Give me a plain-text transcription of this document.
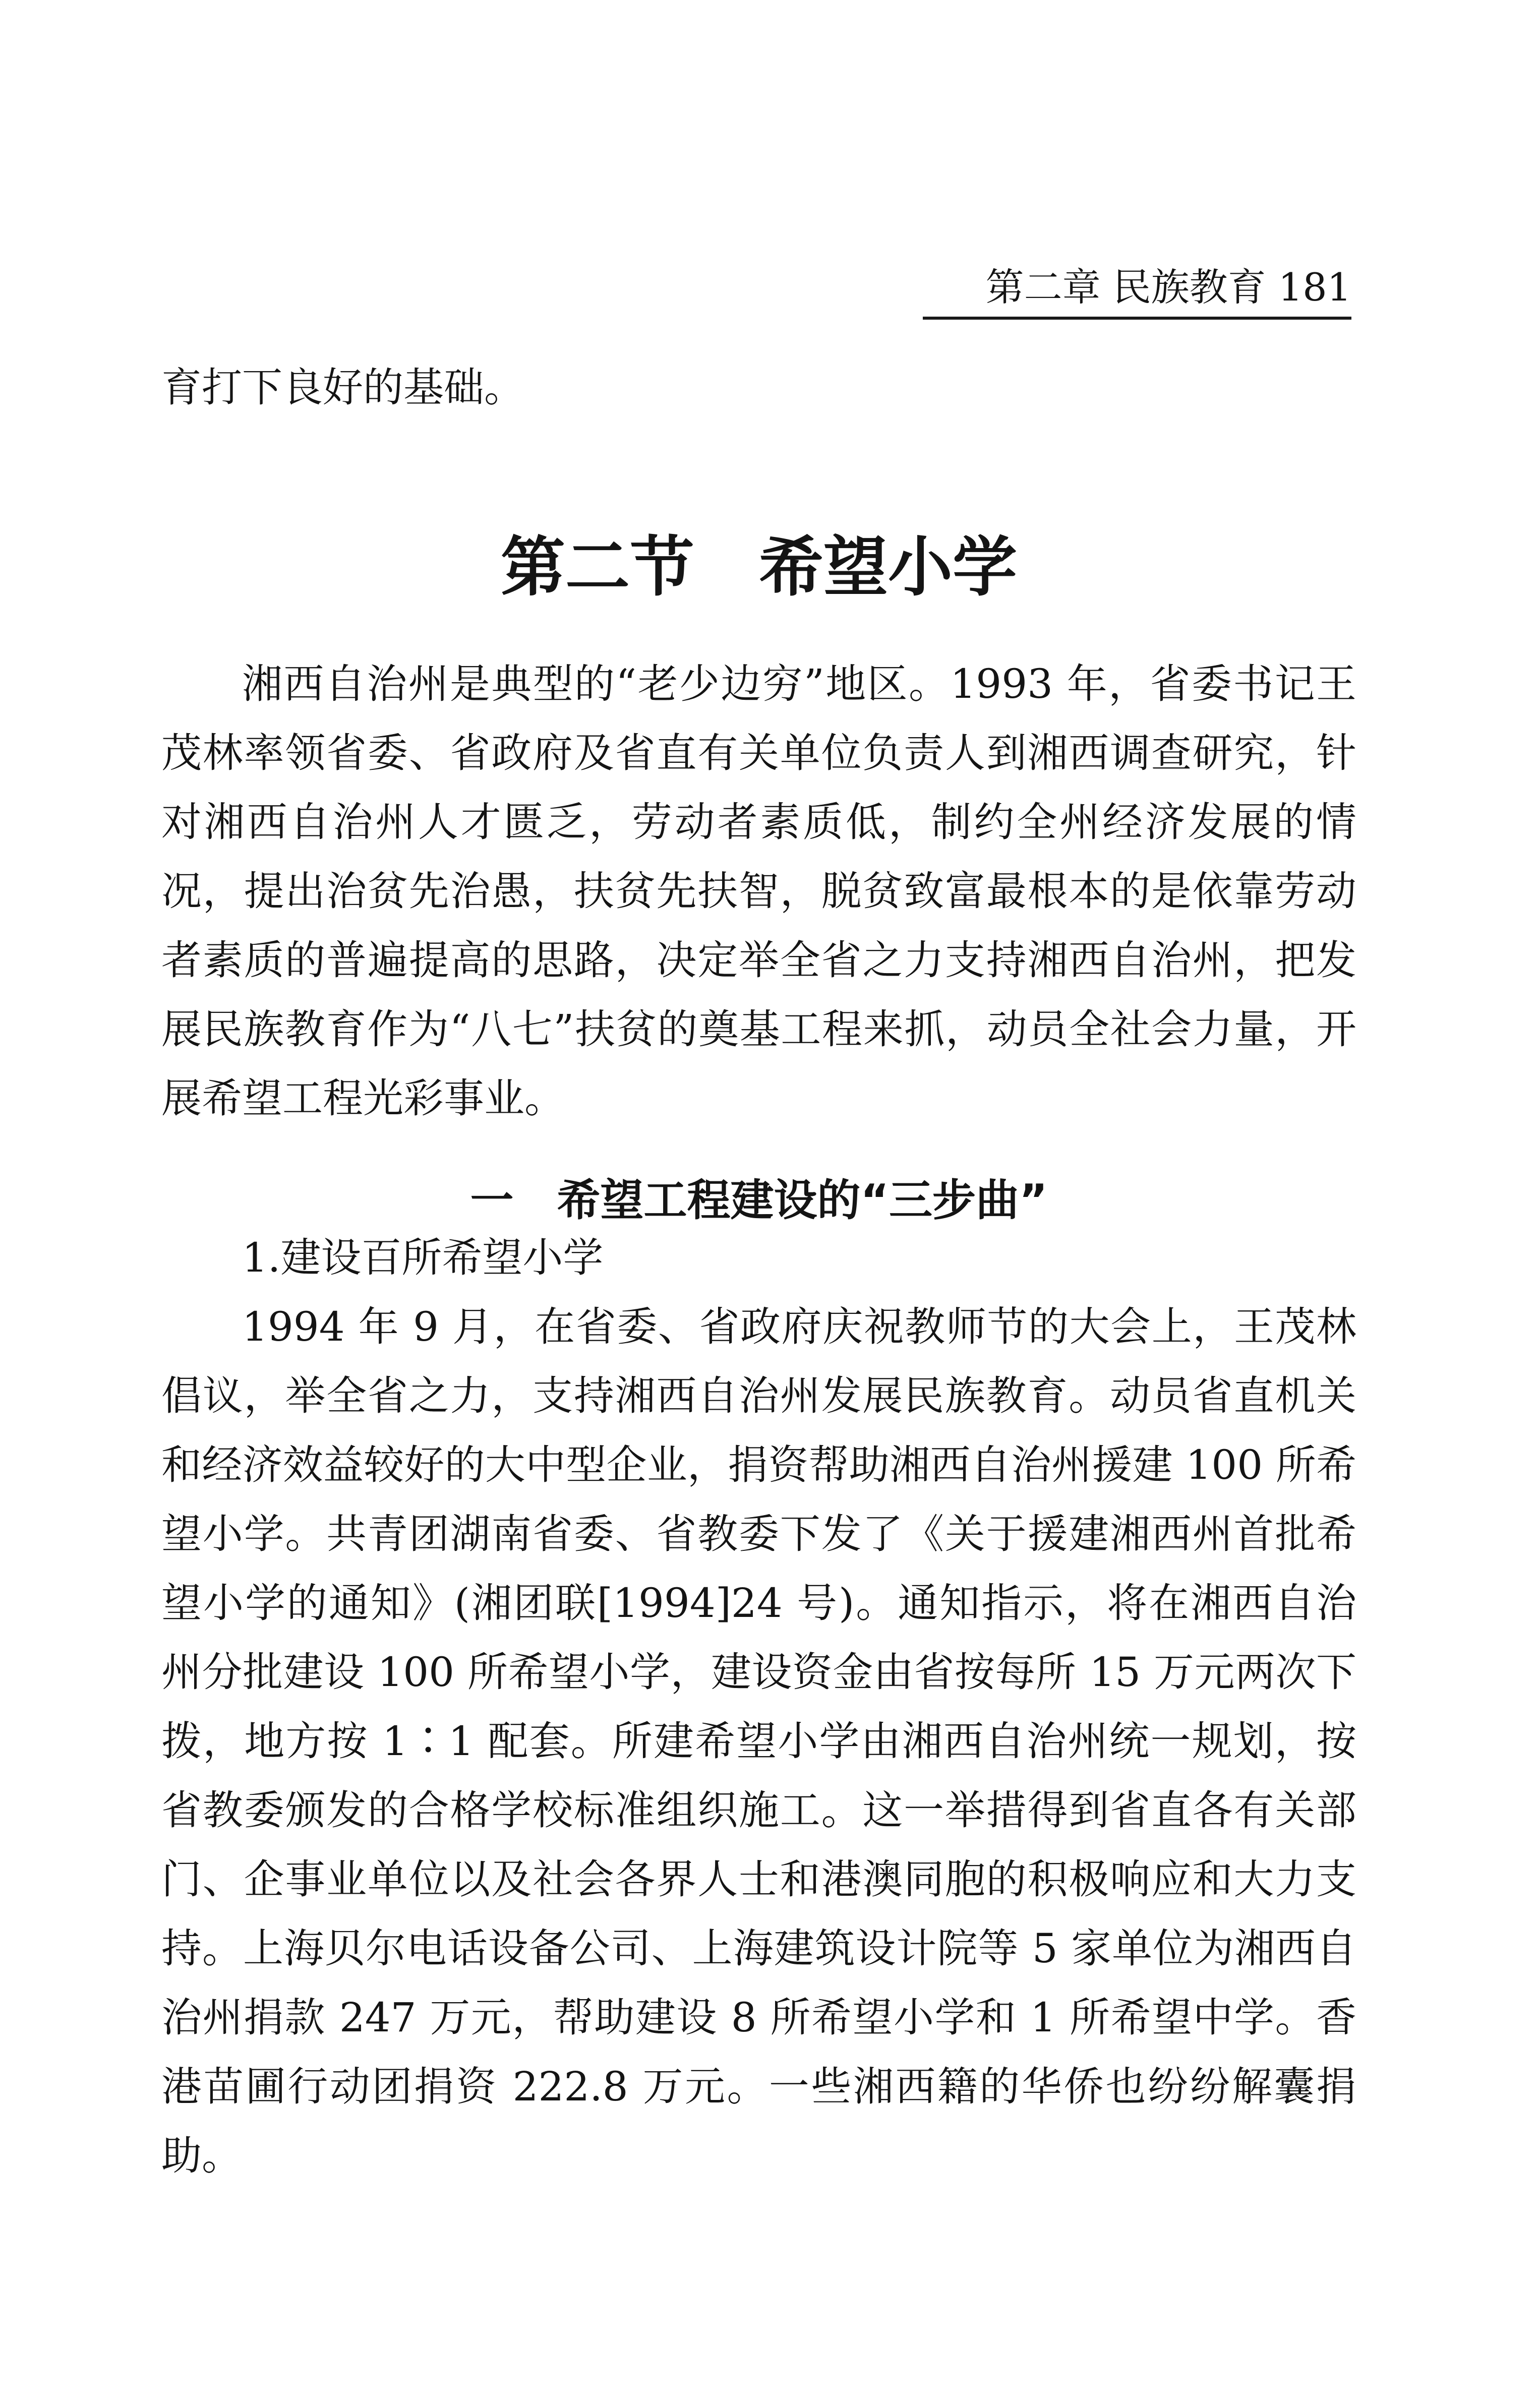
第二章 民族教育 181

育打下良好的基础。

第二节　希望小学

湘西自治州是典型的“老少边穷”地区。1993 年，省委书记王茂林率领省委、省政府及省直有关单位负责人到湘西调查研究，针对湘西自治州人才匮乏，劳动者素质低，制约全州经济发展的情况，提出治贫先治愚，扶贫先扶智，脱贫致富最根本的是依靠劳动者素质的普遍提高的思路，决定举全省之力支持湘西自治州，把发展民族教育作为“八七”扶贫的奠基工程来抓，动员全社会力量，开展希望工程光彩事业。

一　希望工程建设的“三步曲”

1.建设百所希望小学

1994 年 9 月，在省委、省政府庆祝教师节的大会上，王茂林倡议，举全省之力，支持湘西自治州发展民族教育。动员省直机关和经济效益较好的大中型企业，捐资帮助湘西自治州援建 100 所希望小学。共青团湖南省委、省教委下发了《关于援建湘西州首批希望小学的通知》(湘团联[1994]24 号)。通知指示，将在湘西自治州分批建设 100 所希望小学，建设资金由省按每所 15 万元两次下拨，地方按 1∶1 配套。所建希望小学由湘西自治州统一规划，按省教委颁发的合格学校标准组织施工。这一举措得到省直各有关部门、企事业单位以及社会各界人士和港澳同胞的积极响应和大力支持。上海贝尔电话设备公司、上海建筑设计院等 5 家单位为湘西自治州捐款 247 万元，帮助建设 8 所希望小学和 1 所希望中学。香港苗圃行动团捐资 222.8 万元。一些湘西籍的华侨也纷纷解囊捐助。
